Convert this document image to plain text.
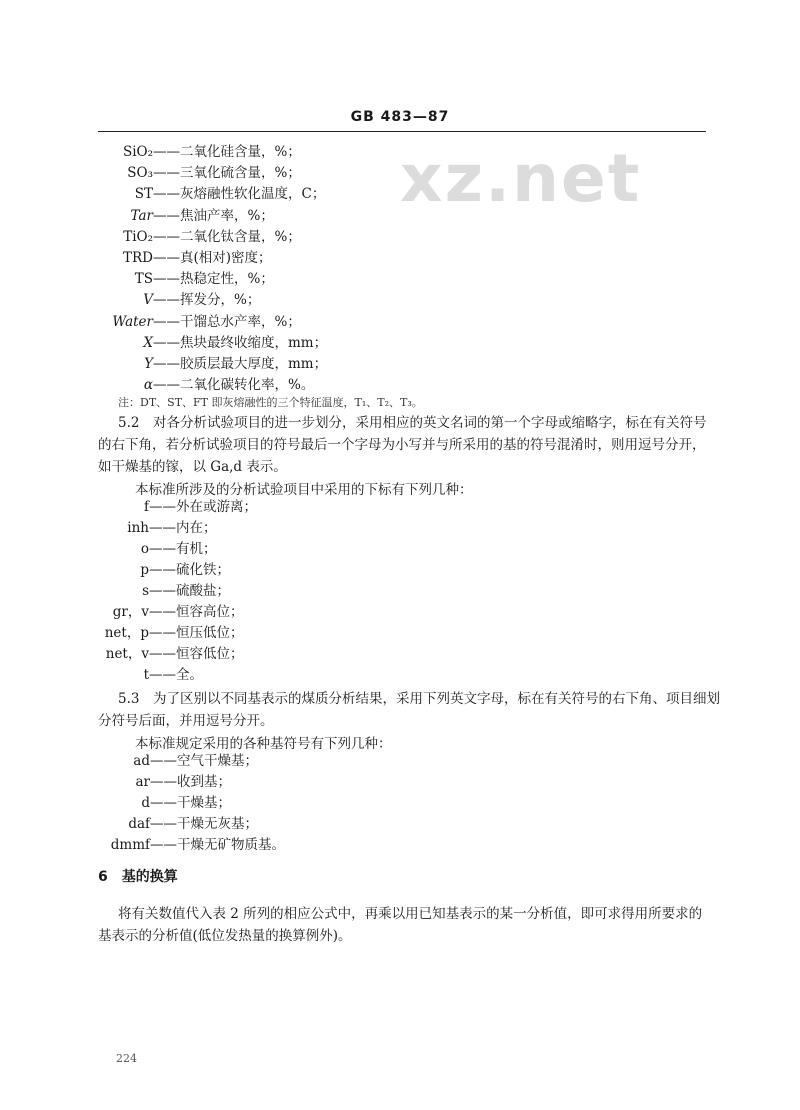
GB 483—87
xz.net
SiO₂——二氧化硅含量，%；
SO₃——三氧化硫含量，%；
ST——灰熔融性软化温度，C；
Tar——焦油产率，%；
TiO₂——二氧化钛含量，%；
TRD——真(相对)密度；
TS——热稳定性，%；
V——挥发分，%；
Water——干馏总水产率，%；
X——焦块最终收缩度，mm；
Y——胶质层最大厚度，mm；
α——二氧化碳转化率，%。
注：DT、ST、FT 即灰熔融性的三个特征温度，T₁、T₂、T₃。
5.2　对各分析试验项目的进一步划分，采用相应的英文名词的第一个字母或缩略字，标在有关符号
的右下角，若分析试验项目的符号最后一个字母为小写并与所采用的基的符号混淆时，则用逗号分开，
如干燥基的镓，以 Ga,d 表示。
本标准所涉及的分析试验项目中采用的下标有下列几种：
f——外在或游离；
inh——内在；
o——有机；
p——硫化铁；
s——硫酸盐；
gr，v——恒容高位；
net，p——恒压低位；
net，v——恒容低位；
t——全。
5.3　为了区别以不同基表示的煤质分析结果，采用下列英文字母，标在有关符号的右下角、项目细划
分符号后面，并用逗号分开。
本标准规定采用的各种基符号有下列几种：
ad——空气干燥基；
ar——收到基；
d——干燥基；
daf——干燥无灰基；
dmmf——干燥无矿物质基。
6　基的换算
将有关数值代入表 2 所列的相应公式中，再乘以用已知基表示的某一分析值，即可求得用所要求的
基表示的分析值(低位发热量的换算例外)。
224
